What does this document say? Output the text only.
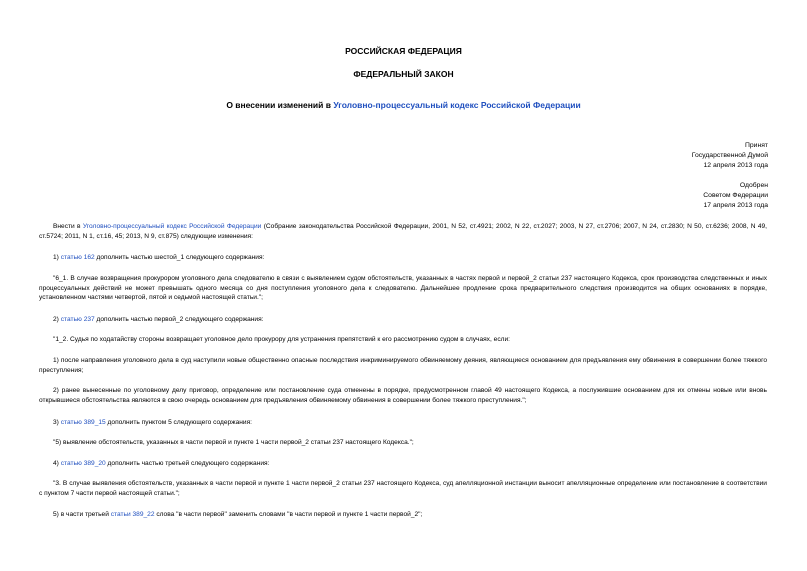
РОССИЙСКАЯ ФЕДЕРАЦИЯ
ФЕДЕРАЛЬНЫЙ ЗАКОН
О внесении изменений в Уголовно-процессуальный кодекс Российской Федерации
Принят
Государственной Думой
12 апреля 2013 года
Одобрен
Советом Федерации
17 апреля 2013 года
Внести в Уголовно-процессуальный кодекс Российской Федерации (Собрание законодательства Российской Федерации, 2001, N 52, ст.4921; 2002, N 22, ст.2027; 2003, N 27, ст.2706; 2007, N 24, ст.2830; N 50, ст.6236; 2008, N 49, ст.5724; 2011, N 1, ст.16, 45; 2013, N 9, ст.875) следующие изменения:
1) статью 162 дополнить частью шестой_1 следующего содержания:
"6_1. В случае возвращения прокурором уголовного дела следователю в связи с выявлением судом обстоятельств, указанных в частях первой и первой_2 статьи 237 настоящего Кодекса, срок производства следственных и иных процессуальных действий не может превышать одного месяца со дня поступления уголовного дела к следователю. Дальнейшее продление срока предварительного следствия производится на общих основаниях в порядке, установленном частями четвертой, пятой и седьмой настоящей статьи.";
2) статью 237 дополнить частью первой_2 следующего содержания:
"1_2. Судья по ходатайству стороны возвращает уголовное дело прокурору для устранения препятствий к его рассмотрению судом в случаях, если:
1) после направления уголовного дела в суд наступили новые общественно опасные последствия инкриминируемого обвиняемому деяния, являющиеся основанием для предъявления ему обвинения в совершении более тяжкого преступления;
2) ранее вынесенные по уголовному делу приговор, определение или постановление суда отменены в порядке, предусмотренном главой 49 настоящего Кодекса, а послужившие основанием для их отмены новые или вновь открывшиеся обстоятельства являются в свою очередь основанием для предъявления обвиняемому обвинения в совершении более тяжкого преступления.";
3) статью 389_15 дополнить пунктом 5 следующего содержания:
"5) выявление обстоятельств, указанных в части первой и пункте 1 части первой_2 статьи 237 настоящего Кодекса.";
4) статью 389_20 дополнить частью третьей следующего содержания:
"3. В случае выявления обстоятельств, указанных в части первой и пункте 1 части первой_2 статьи 237 настоящего Кодекса, суд апелляционной инстанции выносит апелляционные определение или постановление в соответствии с пунктом 7 части первой настоящей статьи.";
5) в части третьей статьи 389_22 слова "в части первой" заменить словами "в части первой и пункте 1 части первой_2";
